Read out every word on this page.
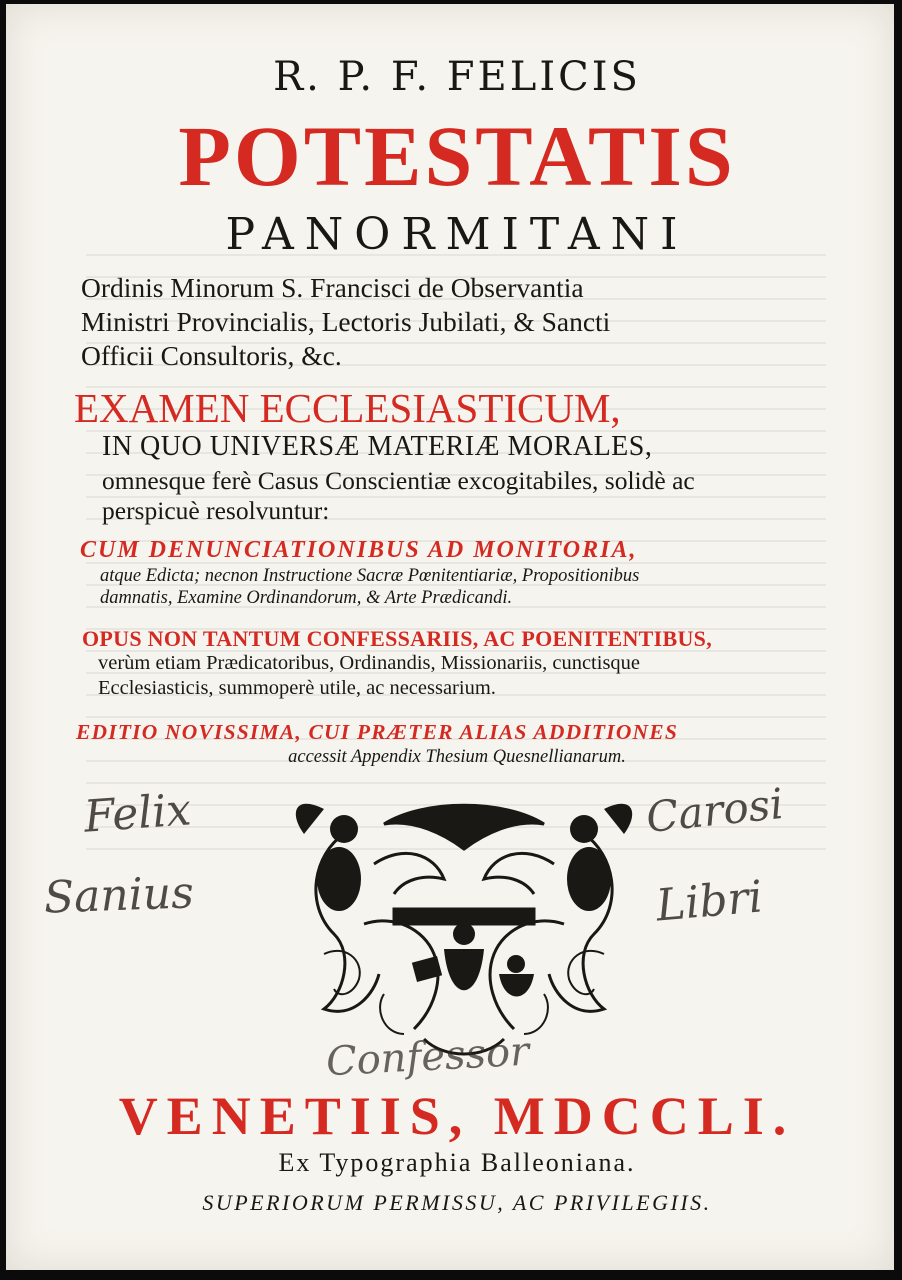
R. P. F. FELICIS
POTESTATIS
PANORMITANI
Ordinis Minorum S. Francisci de Observantia
Ministri Provincialis, Lectoris Jubilati, & Sancti
Officii Consultoris, &c.
EXAMEN ECCLESIASTICUM,
IN QUO UNIVERSÆ MATERIÆ MORALES,
omnesque ferè Casus Conscientiæ excogitabiles, solidè ac
perspicuè resolvuntur:
CUM DENUNCIATIONIBUS AD MONITORIA,
atque Edicta; necnon Instructione Sacræ Pœnitentiariæ, Propositionibus
damnatis, Examine Ordinandorum, & Arte Prædicandi.
OPUS NON TANTUM CONFESSARIIS, AC POENITENTIBUS,
verùm etiam Prædicatoribus, Ordinandis, Missionariis, cunctisque
Ecclesiasticis, summoperè utile, ac necessarium.
EDITIO NOVISSIMA, CUI PRÆTER ALIAS ADDITIONES
accessit Appendix Thesium Quesnellianarum.
Felix
Sanius
Carosi
Libri
Confessor
VENETIIS, MDCCLI.
Ex Typographia Balleoniana.
SUPERIORUM PERMISSU, AC PRIVILEGIIS.
